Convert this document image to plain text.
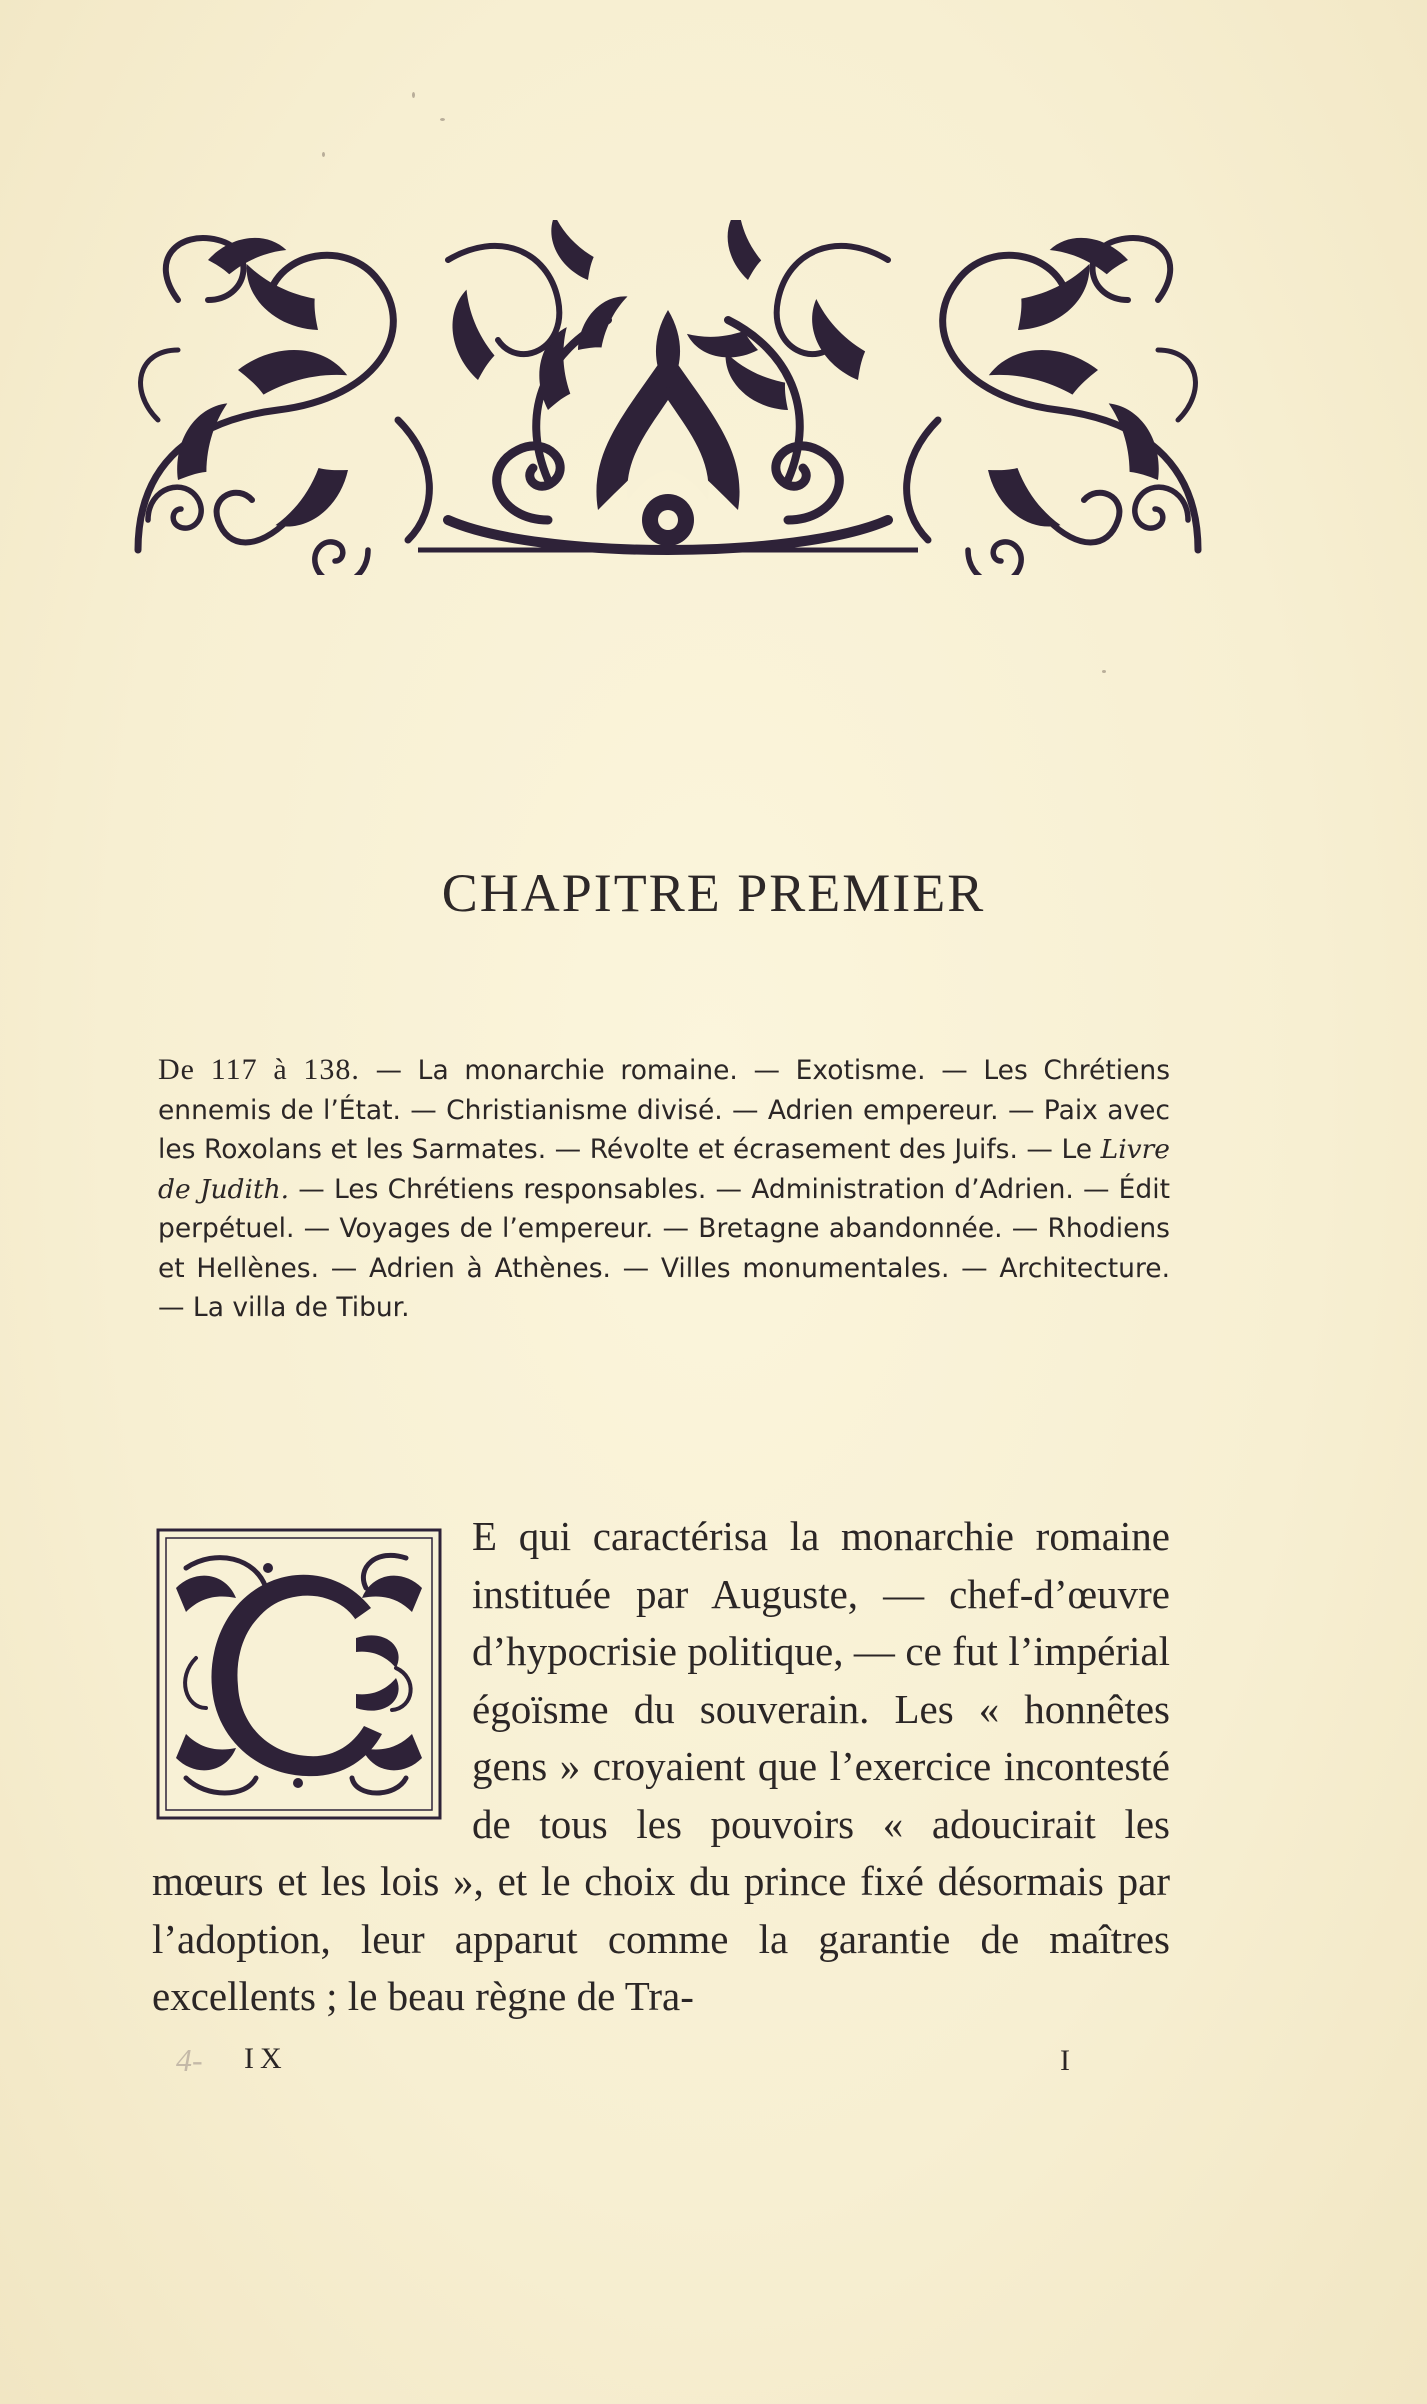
CHAPITRE PREMIER

De 117 à 138. — La monarchie romaine. — Exotisme. — Les Chrétiens ennemis de l’État. — Christianisme divisé. — Adrien empereur. — Paix avec les Roxolans et les Sarmates. — Révolte et écrasement des Juifs. — Le Livre de Judith. — Les Chrétiens responsables. — Administration d’Adrien. — Édit perpétuel. — Voyages de l’empereur. — Bretagne abandonnée. — Rhodiens et Hellènes. — Adrien à Athènes. — Villes monumentales. — Architecture. — La villa de Tibur.

E qui caractérisa la monarchie romaine instituée par Auguste, — chef-d’œuvre d’hypocrisie politique, — ce fut l’impérial égoïsme du souverain. Les « honnêtes gens » croyaient que l’exercice incontesté de tous les pouvoirs « adoucirait les mœurs et les lois », et le choix du prince fixé désormais par l’adoption, leur apparut comme la garantie de maîtres excellents ; le beau règne de Tra-

4- IX	I
